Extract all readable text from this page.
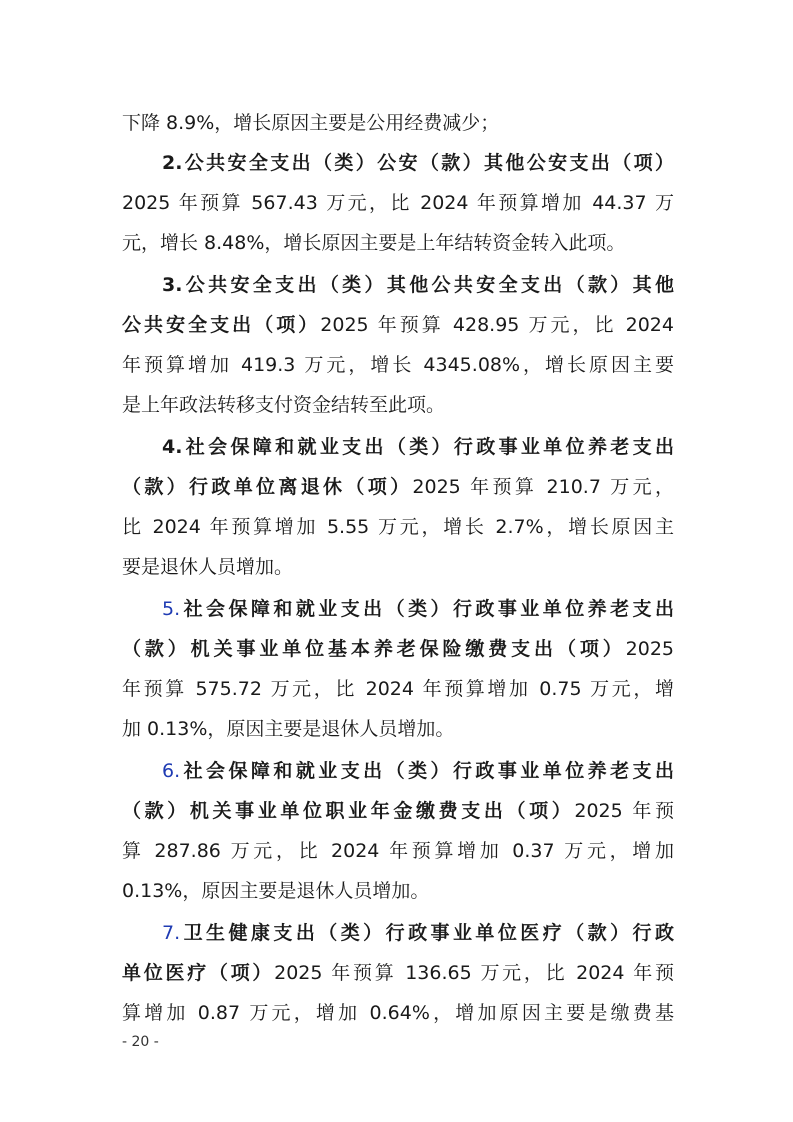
下降 8.9%，增长原因主要是公用经费减少；
2.公共安全支出（类）公安（款）其他公安支出（项）
2025 年预算 567.43 万元，比 2024 年预算增加 44.37 万
元，增长 8.48%，增长原因主要是上年结转资金转入此项。
3.公共安全支出（类）其他公共安全支出（款）其他
公共安全支出（项）2025 年预算 428.95 万元，比 2024
年预算增加 419.3 万元，增长 4345.08%，增长原因主要
是上年政法转移支付资金结转至此项。
4.社会保障和就业支出（类）行政事业单位养老支出
（款）行政单位离退休（项）2025 年预算 210.7 万元，
比 2024 年预算增加 5.55 万元，增长 2.7%，增长原因主
要是退休人员增加。
5.社会保障和就业支出（类）行政事业单位养老支出
（款）机关事业单位基本养老保险缴费支出（项）2025
年预算 575.72 万元，比 2024 年预算增加 0.75 万元，增
加 0.13%，原因主要是退休人员增加。
6.社会保障和就业支出（类）行政事业单位养老支出
（款）机关事业单位职业年金缴费支出（项）2025 年预
算 287.86 万元，比 2024 年预算增加 0.37 万元，增加
0.13%，原因主要是退休人员增加。
7.卫生健康支出（类）行政事业单位医疗（款）行政
单位医疗（项）2025 年预算 136.65 万元，比 2024 年预
算增加 0.87 万元，增加 0.64%，增加原因主要是缴费基
- 20 -
